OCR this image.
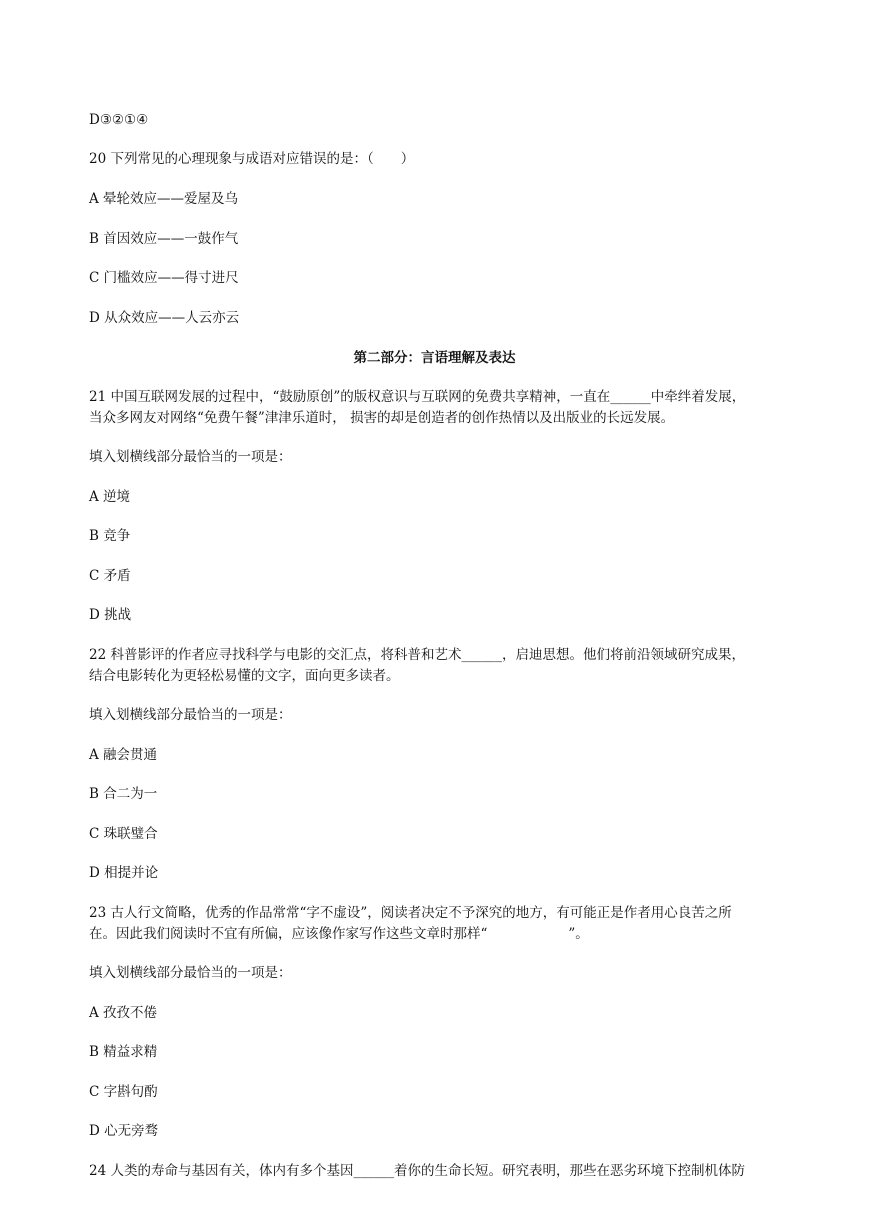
D③②①④
20 下列常见的心理现象与成语对应错误的是：（　　）
A 晕轮效应——爱屋及乌
B 首因效应——一鼓作气
C 门槛效应——得寸进尺
D 从众效应——人云亦云
第二部分：言语理解及表达
21 中国互联网发展的过程中，“鼓励原创”的版权意识与互联网的免费共享精神，一直在______中牵绊着发展，
当众多网友对网络“免费午餐”津津乐道时， 损害的却是创造者的创作热情以及出版业的长远发展。
填入划横线部分最恰当的一项是：
A 逆境
B 竞争
C 矛盾
D 挑战
22 科普影评的作者应寻找科学与电影的交汇点，将科普和艺术______，启迪思想。他们将前沿领域研究成果，
结合电影转化为更轻松易懂的文字，面向更多读者。
填入划横线部分最恰当的一项是：
A 融会贯通
B 合二为一
C 珠联璧合
D 相提并论
23 古人行文简略，优秀的作品常常“字不虚设”，阅读者决定不予深究的地方，有可能正是作者用心良苦之所
在。因此我们阅读时不宜有所偏，应该像作家写作这些文章时那样“　　　　　　”。
填入划横线部分最恰当的一项是：
A 孜孜不倦
B 精益求精
C 字斟句酌
D 心无旁骛
24 人类的寿命与基因有关，体内有多个基因______着你的生命长短。研究表明，那些在恶劣环境下控制机体防
